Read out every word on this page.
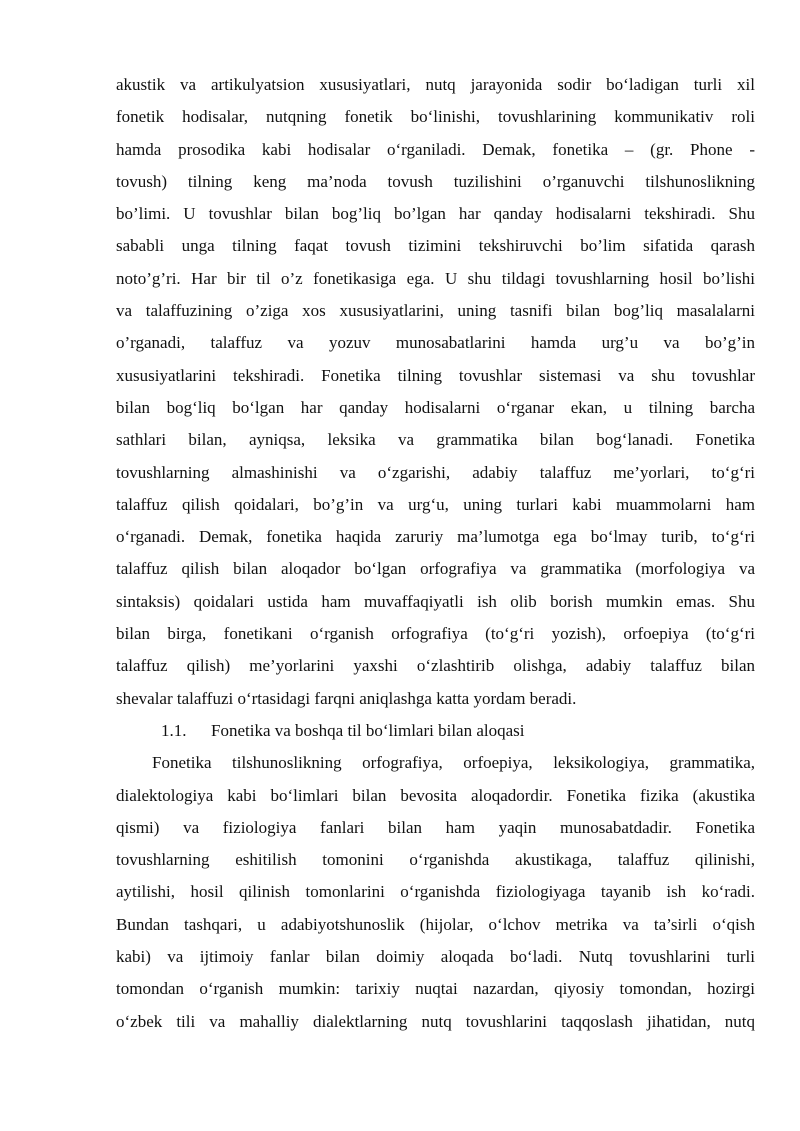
akustik va artikulyatsion xususiyatlari, nutq jarayonida sodir bo‘ladigan turli xil
fonetik hodisalar, nutqning fonetik bo‘linishi, tovushlarining kommunikativ roli
hamda prosodika kabi hodisalar o‘rganiladi. Demak, fonetika – (gr. Phone -
tovush) tilning keng ma’noda tovush tuzilishini o’rganuvchi tilshunoslikning
bo’limi. U tovushlar bilan bog’liq bo’lgan har qanday hodisalarni tekshiradi. Shu
sababli unga tilning faqat tovush tizimini tekshiruvchi bo’lim sifatida qarash
noto’g’ri. Har bir til o’z fonetikasiga ega. U shu tildagi tovushlarning hosil bo’lishi
va talaffuzining o’ziga xos xususiyatlarini, uning tasnifi bilan bog’liq masalalarni
o’rganadi, talaffuz va yozuv munosabatlarini hamda urg’u va bo’g’in
xususiyatlarini tekshiradi. Fonetika tilning tovushlar sistemasi va shu tovushlar
bilan bog‘liq bo‘lgan har qanday hodisalarni o‘rganar ekan, u tilning barcha
sathlari bilan, ayniqsa, leksika va grammatika bilan bog‘lanadi. Fonetika
tovushlarning almashinishi va o‘zgarishi, adabiy talaffuz me’yorlari, to‘g‘ri
talaffuz qilish qoidalari, bo’g’in va urg‘u, uning turlari kabi muammolarni ham
o‘rganadi. Demak, fonetika haqida zaruriy ma’lumotga ega bo‘lmay turib, to‘g‘ri
talaffuz qilish bilan aloqador bo‘lgan orfografiya va grammatika (morfologiya va
sintaksis) qoidalari ustida ham muvaffaqiyatli ish olib borish mumkin emas. Shu
bilan birga, fonetikani o‘rganish orfografiya (to‘g‘ri yozish), orfoepiya (to‘g‘ri
talaffuz qilish) me’yorlarini yaxshi o‘zlashtirib olishga, adabiy talaffuz bilan
shevalar talaffuzi o‘rtasidagi farqni aniqlashga katta yordam beradi.
1.1. Fonetika va boshqa til bo‘limlari bilan aloqasi
Fonetika tilshunoslikning orfografiya, orfoepiya, leksikologiya, grammatika,
dialektologiya kabi bo‘limlari bilan bevosita aloqadordir. Fonetika fizika (akustika
qismi) va fiziologiya fanlari bilan ham yaqin munosabatdadir. Fonetika
tovushlarning eshitilish tomonini o‘rganishda akustikaga, talaffuz qilinishi,
aytilishi, hosil qilinish tomonlarini o‘rganishda fiziologiyaga tayanib ish ko‘radi.
Bundan tashqari, u adabiyotshunoslik (hijolar, o‘lchov metrika va ta’sirli o‘qish
kabi) va ijtimoiy fanlar bilan doimiy aloqada bo‘ladi. Nutq tovushlarini turli
tomondan o‘rganish mumkin: tarixiy nuqtai nazardan, qiyosiy tomondan, hozirgi
o‘zbek tili va mahalliy dialektlarning nutq tovushlarini taqqoslash jihatidan, nutq
